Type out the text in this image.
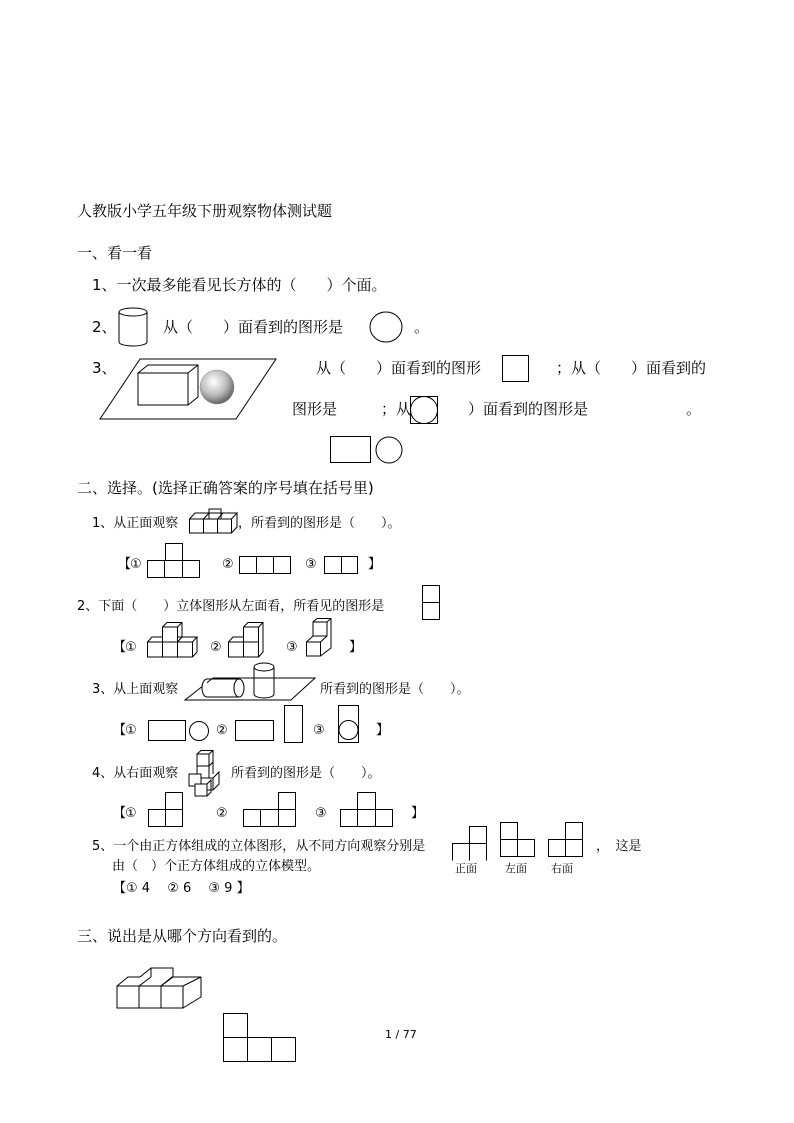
人教版小学五年级下册观察物体测试题
一、看一看
1、一次最多能看见长方体的（　　）个面。
2、	从（　　）面看到的图形是	。
3、	从（　　）面看到的图形	；从（　　）面看到的
图形是	；从	）面看到的图形是	。
二、选择。(选择正确答案的序号填在括号里)
1、从正面观察	，所看到的图形是（　　）。
【
①	②	③	】
2、下面（　　）立体图形从左面看，所看见的图形是
【
①	②	③	】
3、从上面观察	所看到的图形是（　　）。
【
①	②	③	】
4、从右面观察	所看到的图形是（　　）。
【
①	②	③	】
5、一个由正方体组成的立体图形，从不同方向观察分别是	，　这是
由（　）个正方体组成的立体模型。	正面	左面 右面
【① 4　 ② 6　 ③ 9 】
三、说出是从哪个方向看到的。
1 / 77
